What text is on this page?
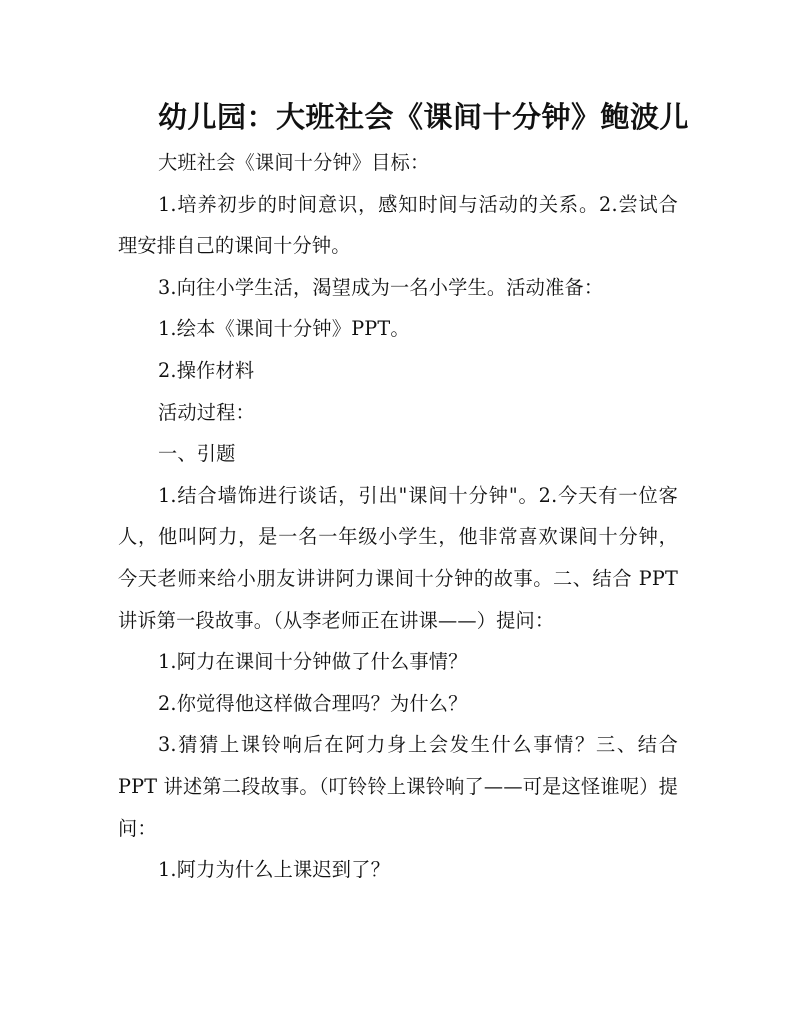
幼儿园：大班社会《课间十分钟》鲍波儿

大班社会《课间十分钟》目标：

1.培养初步的时间意识，感知时间与活动的关系。2.尝试合理安排自己的课间十分钟。

3.向往小学生活，渴望成为一名小学生。活动准备：

1.绘本《课间十分钟》PPT。

2.操作材料

活动过程：

一、引题

1.结合墙饰进行谈话，引出"课间十分钟"。2.今天有一位客人，他叫阿力，是一名一年级小学生，他非常喜欢课间十分钟，今天老师来给小朋友讲讲阿力课间十分钟的故事。二、结合 PPT 讲诉第一段故事。（从李老师正在讲课——）提问：

1.阿力在课间十分钟做了什么事情？

2.你觉得他这样做合理吗？为什么？

3.猜猜上课铃响后在阿力身上会发生什么事情？三、结合 PPT 讲述第二段故事。（叮铃铃上课铃响了——可是这怪谁呢）提问：

1.阿力为什么上课迟到了？
